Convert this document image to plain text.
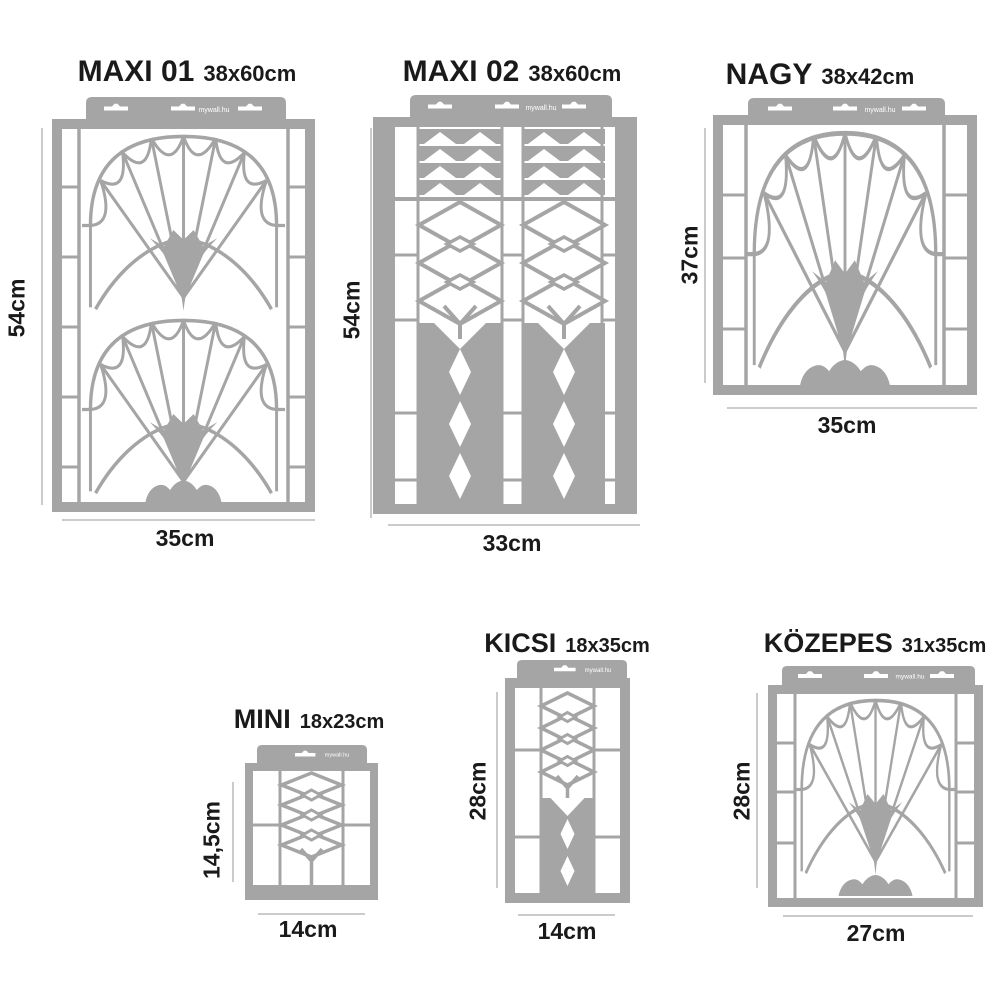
MAXI 01 38x60cm
54cm
mywall.hu
35cm
MAXI 02 38x60cm
54cm
mywall.hu
33cm
NAGY 38x42cm
37cm
mywall.hu
35cm
MINI 18x23cm
14,5cm
mywall.hu
14cm
KICSI 18x35cm
28cm
mywall.hu
14cm
KÖZEPES 31x35cm
28cm
mywall.hu
27cm
